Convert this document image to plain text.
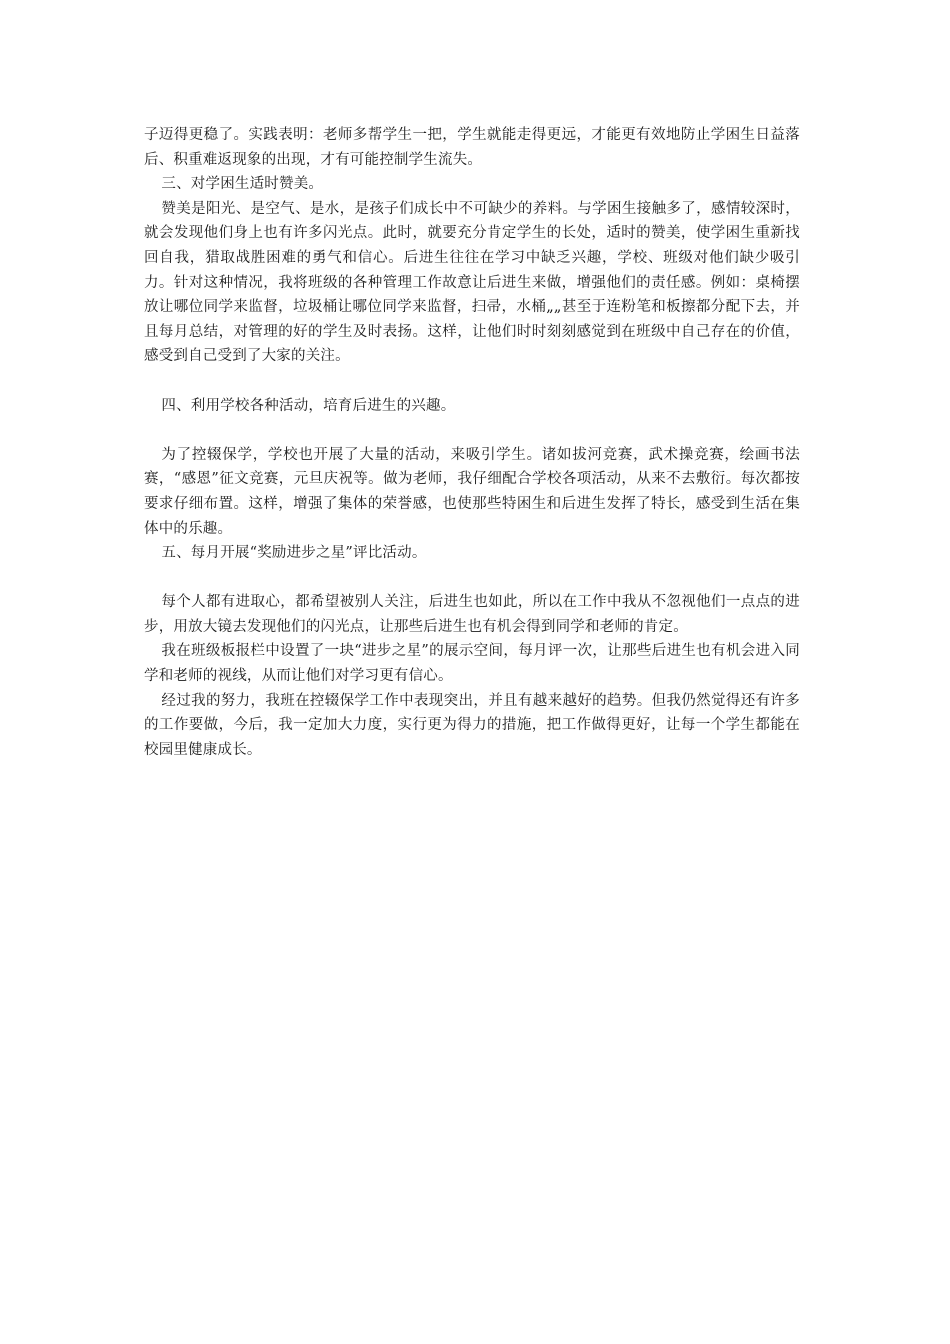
子迈得更稳了。实践表明：老师多帮学生一把，学生就能走得更远，才能更有效地防止学困生日益落后、积重难返现象的出现，才有可能控制学生流失。

三、对学困生适时赞美。

赞美是阳光、是空气、是水，是孩子们成长中不可缺少的养料。与学困生接触多了，感情较深时，就会发现他们身上也有许多闪光点。此时，就要充分肯定学生的长处，适时的赞美，使学困生重新找回自我，猎取战胜困难的勇气和信心。后进生往往在学习中缺乏兴趣，学校、班级对他们缺少吸引力。针对这种情况，我将班级的各种管理工作故意让后进生来做，增强他们的责任感。例如：桌椅摆放让哪位同学来监督，垃圾桶让哪位同学来监督，扫帚，水桶„„甚至于连粉笔和板擦都分配下去，并且每月总结，对管理的好的学生及时表扬。这样，让他们时时刻刻感觉到在班级中自己存在的价值，感受到自己受到了大家的关注。

四、利用学校各种活动，培育后进生的兴趣。

为了控辍保学，学校也开展了大量的活动，来吸引学生。诸如拔河竞赛，武术操竞赛，绘画书法赛，“感恩”征文竞赛，元旦庆祝等。做为老师，我仔细配合学校各项活动，从来不去敷衍。每次都按要求仔细布置。这样，增强了集体的荣誉感，也使那些特困生和后进生发挥了特长，感受到生活在集体中的乐趣。

五、每月开展“奖励进步之星”评比活动。

每个人都有进取心，都希望被别人关注，后进生也如此，所以在工作中我从不忽视他们一点点的进步，用放大镜去发现他们的闪光点，让那些后进生也有机会得到同学和老师的肯定。

我在班级板报栏中设置了一块“进步之星”的展示空间，每月评一次，让那些后进生也有机会进入同学和老师的视线，从而让他们对学习更有信心。

经过我的努力，我班在控辍保学工作中表现突出，并且有越来越好的趋势。但我仍然觉得还有许多的工作要做，今后，我一定加大力度，实行更为得力的措施，把工作做得更好，让每一个学生都能在校园里健康成长。
